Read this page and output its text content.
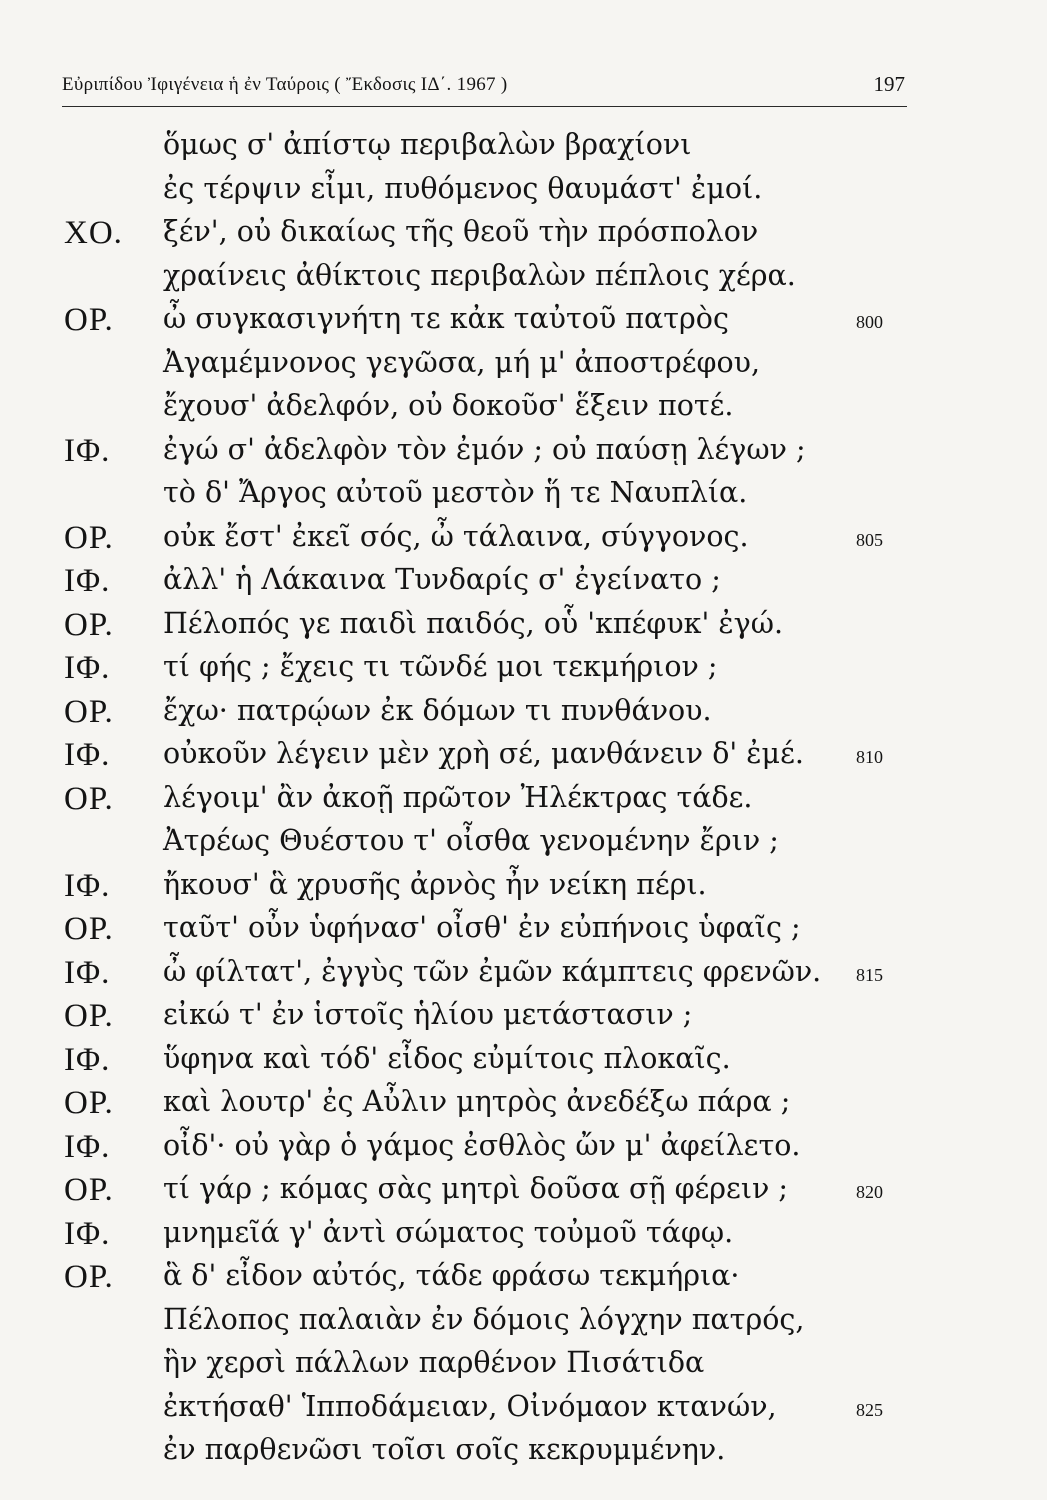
Εὐριπίδου Ἰφιγένεια ἡ ἐν Ταύροις ( Ἔκδοσις ΙΔ΄. 1967 )	197
ὅμως σ' ἀπίστῳ περιβαλὼν βραχίονι
ἐς τέρψιν εἶμι, πυθόμενος θαυμάστ' ἐμοί.
ΧΟ. ξέν', οὐ δικαίως τῆς θεοῦ τὴν πρόσπολον
χραίνεις ἀθίκτοις περιβαλὼν πέπλοις χέρα.
ΟΡ. ὦ συγκασιγνήτη τε κἀκ ταὐτοῦ πατρὸς	800
Ἀγαμέμνονος γεγῶσα, μή μ' ἀποστρέφου,
ἔχουσ' ἀδελφόν, οὐ δοκοῦσ' ἕξειν ποτέ.
ΙΦ. ἐγώ σ' ἀδελφὸν τὸν ἐμόν ; οὐ παύσῃ λέγων ;
τὸ δ' Ἄργος αὐτοῦ μεστὸν ἥ τε Ναυπλία.
ΟΡ. οὐκ ἔστ' ἐκεῖ σός, ὦ τάλαινα, σύγγονος.	805
ΙΦ. ἀλλ' ἡ Λάκαινα Τυνδαρίς σ' ἐγείνατο ;
ΟΡ. Πέλοπός γε παιδὶ παιδός, οὗ 'κπέφυκ' ἐγώ.
ΙΦ. τί φής ; ἔχεις τι τῶνδέ μοι τεκμήριον ;
ΟΡ. ἔχω· πατρῴων ἐκ δόμων τι πυνθάνου.
ΙΦ. οὐκοῦν λέγειν μὲν χρὴ σέ, μανθάνειν δ' ἐμέ.	810
ΟΡ. λέγοιμ' ἂν ἀκοῇ πρῶτον Ἠλέκτρας τάδε.
Ἀτρέως Θυέστου τ' οἶσθα γενομένην ἔριν ;
ΙΦ. ἤκουσ' ἃ χρυσῆς ἀρνὸς ἦν νείκη πέρι.
ΟΡ. ταῦτ' οὖν ὑφήνασ' οἶσθ' ἐν εὐπήνοις ὑφαῖς ;
ΙΦ. ὦ φίλτατ', ἐγγὺς τῶν ἐμῶν κάμπτεις φρενῶν. 815
ΟΡ. εἰκώ τ' ἐν ἱστοῖς ἡλίου μετάστασιν ;
ΙΦ. ὕφηνα καὶ τόδ' εἶδος εὐμίτοις πλοκαῖς.
ΟΡ. καὶ λουτρ' ἐς Αὖλιν μητρὸς ἀνεδέξω πάρα ;
ΙΦ. οἶδ'· οὐ γὰρ ὁ γάμος ἐσθλὸς ὤν μ' ἀφείλετο.
ΟΡ. τί γάρ ; κόμας σὰς μητρὶ δοῦσα σῇ φέρειν ;	820
ΙΦ. μνημεῖά γ' ἀντὶ σώματος τοὐμοῦ τάφῳ.
ΟΡ. ἃ δ' εἶδον αὐτός, τάδε φράσω τεκμήρια·
Πέλοπος παλαιὰν ἐν δόμοις λόγχην πατρός,
ἣν χερσὶ πάλλων παρθένον Πισάτιδα
ἐκτήσαθ' Ἱπποδάμειαν, Οἰνόμαον κτανών,	825
ἐν παρθενῶσι τοῖσι σοῖς κεκρυμμένην.
